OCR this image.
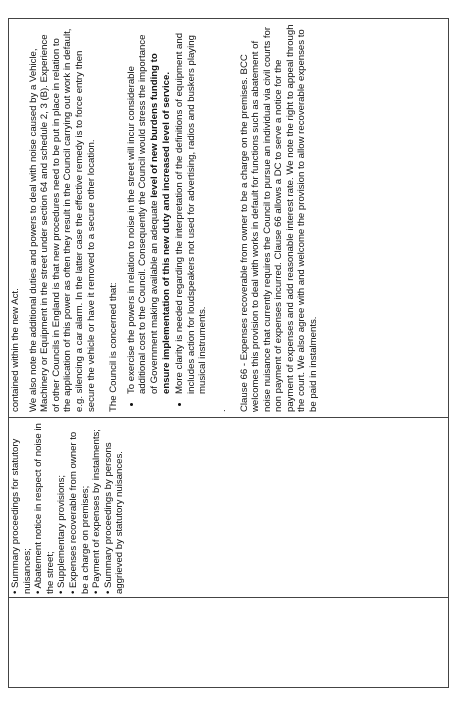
• Summary proceedings for statutory nuisances; • Abatement notice in respect of noise in the street; • Supplementary provisions; • Expenses recoverable from owner to be a charge on premises; • Payment of expenses by instalments; • Summary proceedings by persons aggrieved by statutory nuisances.

contained within the new Act. We also note the additional duties and powers to deal with noise caused by a Vehicle, Machinery or Equipment in the street under section 64 and schedule 2, 3 (B). Experience of other Councils in England is that new procedures need to be put in place in relation to the application of this power as often they result in the Council carrying out work in default, e.g. silencing a car alarm. In the latter case the effective remedy is to force entry then secure the vehicle or have it removed to a secure other location. The Council is concerned that: • To exercise the powers in relation to noise in the street will incur considerable additional cost to the Council. Consequently the Council would stress the importance of Government making available an adequate level of new burdens funding to ensure implementation of this new duty and increased level of service. • More clarity is needed regarding the interpretation of the definitions of equipment and includes action for loudspeakers not used for advertising, radios and buskers playing musical instruments.
. Clause 66 - Expenses recoverable from owner to be a charge on the premises. BCC welcomes this provision to deal with works in default for functions such as abatement of noise nuisance that currently requires the Council to pursue an individual via civil courts for non payment of expenses incurred. Clause 66 allows a DC to serve a notice for the payment of expenses and add reasonable interest rate. We note the right to appeal through the court. We also agree with and welcome the provision to allow recoverable expenses to be paid in instalments.
